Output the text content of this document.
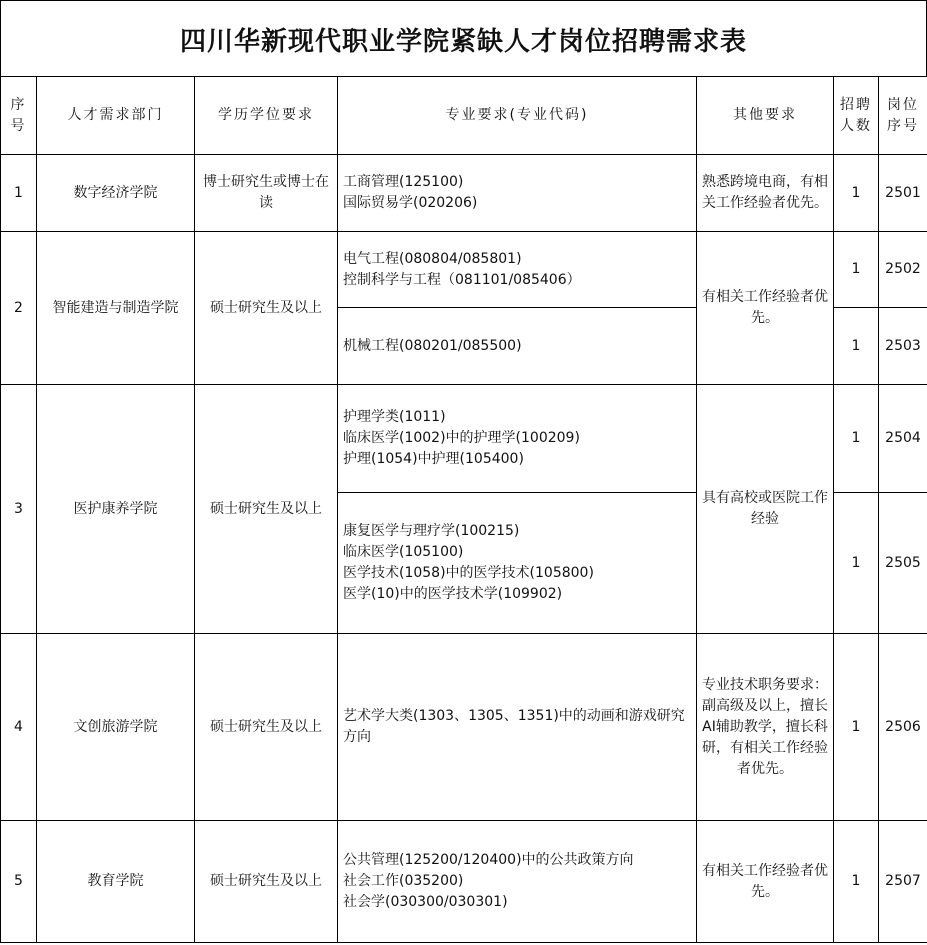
四川华新现代职业学院紧缺人才岗位招聘需求表
序号	人才需求部门	学历学位要求	专业要求(专业代码)	其他要求	招聘人数	岗位序号
1	数字经济学院	博士研究生或博士在读	工商管理(125100)
国际贸易学(020206)	熟悉跨境电商，有相关工作经验者优先。	1	2501
2	智能建造与制造学院	硕士研究生及以上	电气工程(080804/085801)
控制科学与工程（081101/085406）	有相关工作经验者优先。	1	2502

			机械工程(080201/085500)		1	2503
3	医护康养学院	硕士研究生及以上	护理学类(1011)
临床医学(1002)中的护理学(100209)
护理(1054)中护理(105400)	具有高校或医院工作经验	1	2504

			康复医学与理疗学(100215)
临床医学(105100)
医学技术(1058)中的医学技术(105800)
医学(10)中的医学技术学(109902)		1	2505
4	文创旅游学院	硕士研究生及以上	艺术学大类(1303、1305、1351)中的动画和游戏研究方向	专业技术职务要求：副高级及以上，擅长AI辅助教学，擅长科研，有相关工作经验者优先。	1	2506
5	教育学院	硕士研究生及以上	公共管理(125200/120400)中的公共政策方向
社会工作(035200)
社会学(030300/030301)	有相关工作经验者优先。	1	2507
